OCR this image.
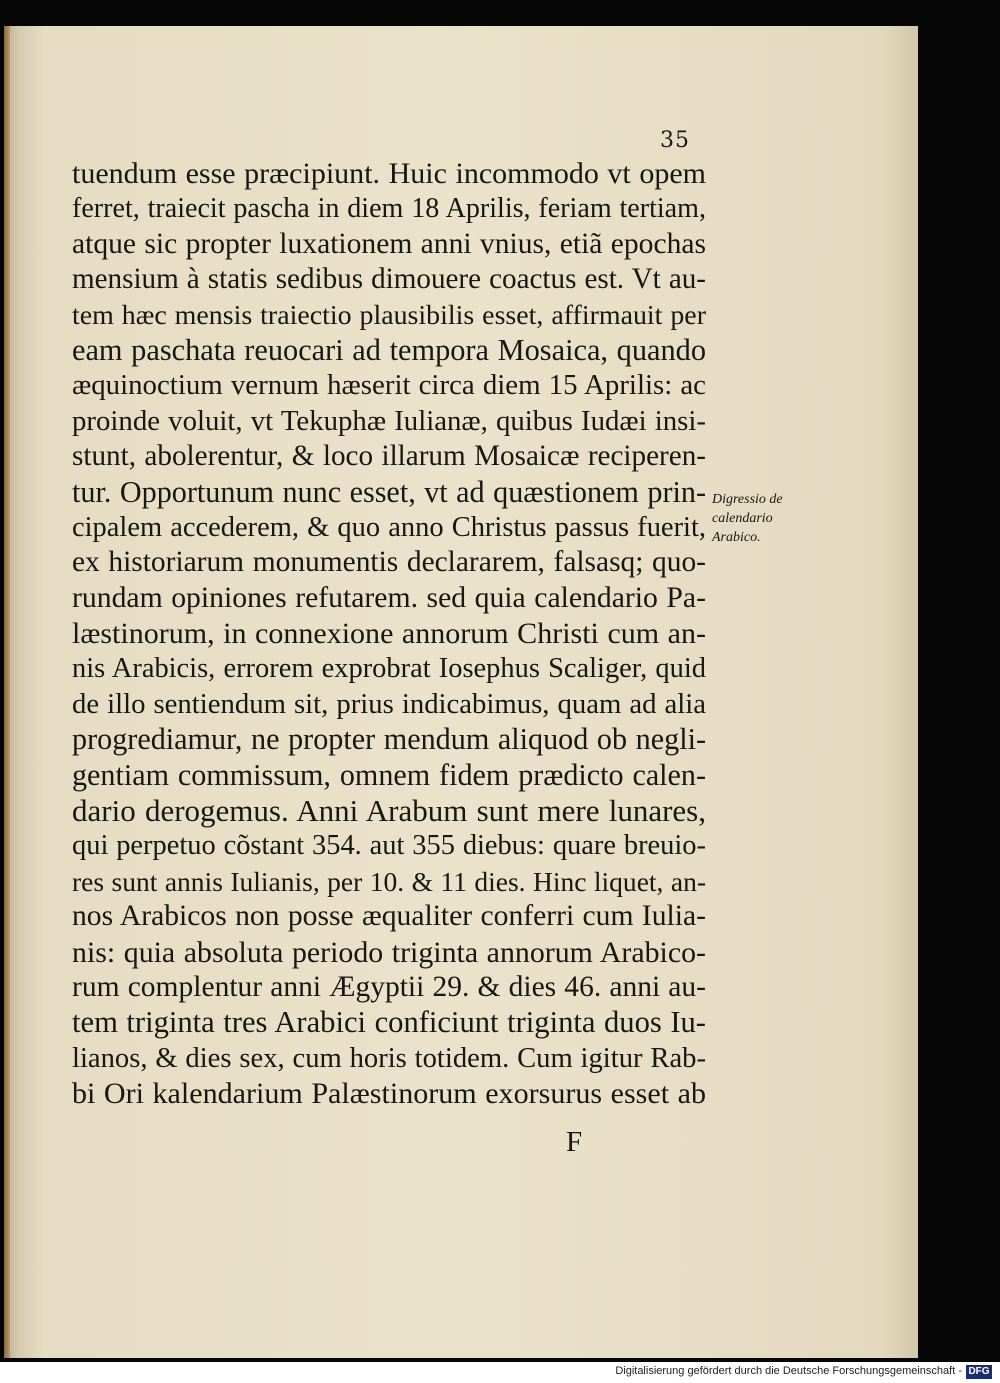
35
tuendum esse præcipiunt. Huic incommodo vt opem
ferret, traiecit pascha in diem 18 Aprilis, feriam tertiam,
atque sic propter luxationem anni vnius, etiã epochas
mensium à statis sedibus dimouere coactus est. Vt au-
tem hæc mensis traiectio plausibilis esset, affirmauit per
eam paschata reuocari ad tempora Mosaica, quando
æquinoctium vernum hæserit circa diem 15 Aprilis: ac
proinde voluit, vt Tekuphæ Iulianæ, quibus Iudæi insi-
stunt, abolerentur, & loco illarum Mosaicæ reciperen-
tur. Opportunum nunc esset, vt ad quæstionem prin-
cipalem accederem, & quo anno Christus passus fuerit,
ex historiarum monumentis declararem, falsasq; quo-
rundam opiniones refutarem. sed quia calendario Pa-
læstinorum, in connexione annorum Christi cum an-
nis Arabicis, errorem exprobrat Iosephus Scaliger, quid
de illo sentiendum sit, prius indicabimus, quam ad alia
progrediamur, ne propter mendum aliquod ob negli-
gentiam commissum, omnem fidem prædicto calen-
dario derogemus. Anni Arabum sunt mere lunares,
qui perpetuo cõstant 354. aut 355 diebus: quare breuio-
res sunt annis Iulianis, per 10. & 11 dies. Hinc liquet, an-
nos Arabicos non posse æqualiter conferri cum Iulia-
nis: quia absoluta periodo triginta annorum Arabico-
rum complentur anni Ægyptii 29. & dies 46. anni au-
tem triginta tres Arabici conficiunt triginta duos Iu-
lianos, & dies sex, cum horis totidem. Cum igitur Rab-
bi Ori kalendarium Palæstinorum exorsurus esset ab
Digressio de
calendario
Arabico.
F
Digitalisierung gefördert durch die Deutsche Forschungsgemeinschaft - DFG
